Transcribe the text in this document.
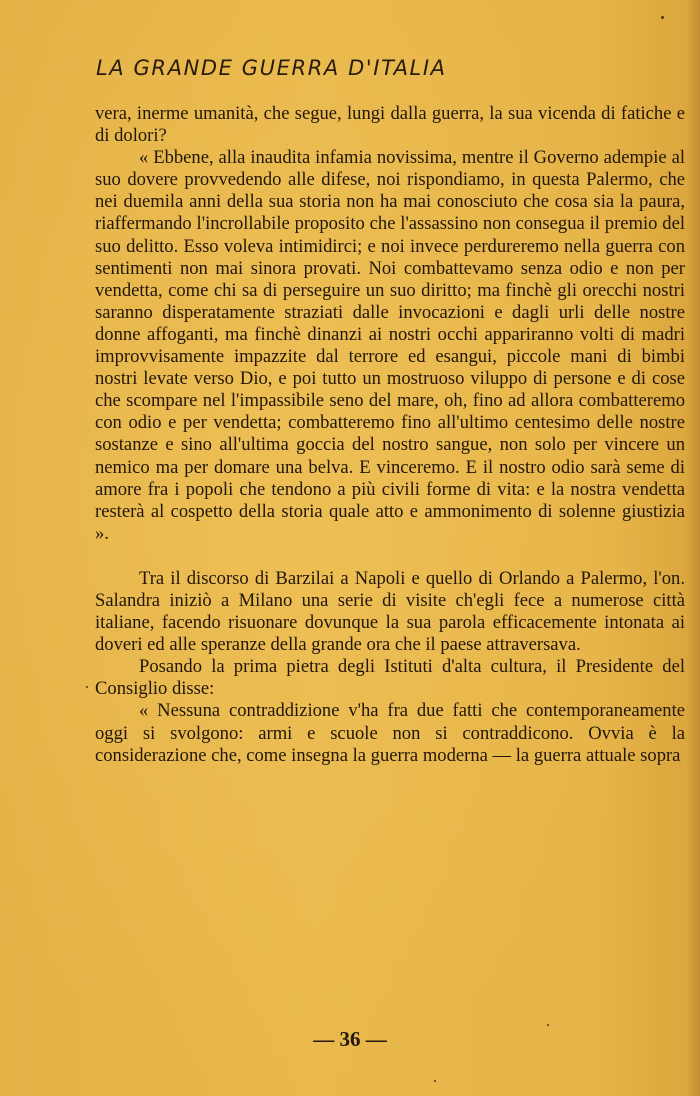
LA GRANDE GUERRA D'ITALIA

vera, inerme umanità, che segue, lungi dalla guerra, la sua vicenda di fatiche e di dolori?

« Ebbene, alla inaudita infamia novissima, mentre il Governo adempie al suo dovere provvedendo alle difese, noi rispondiamo, in questa Palermo, che nei duemila anni della sua storia non ha mai conosciuto che cosa sia la paura, riaffermando l'incrollabile proposito che l'assassino non consegua il premio del suo delitto. Esso voleva intimidirci; e noi invece perdureremo nella guerra con sentimenti non mai sinora provati. Noi combattevamo senza odio e non per vendetta, come chi sa di perseguire un suo diritto; ma finchè gli orecchi nostri saranno disperatamente straziati dalle invocazioni e dagli urli delle nostre donne affoganti, ma finchè dinanzi ai nostri occhi appariranno volti di madri improvvisamente impazzite dal terrore ed esangui, piccole mani di bimbi nostri levate verso Dio, e poi tutto un mostruoso viluppo di persone e di cose che scompare nel l'impassibile seno del mare, oh, fino ad allora combatteremo con odio e per vendetta; combatteremo fino all'ultimo centesimo delle nostre sostanze e sino all'ultima goccia del nostro sangue, non solo per vincere un nemico ma per domare una belva. E vinceremo. E il nostro odio sarà seme di amore fra i popoli che tendono a più civili forme di vita: e la nostra vendetta resterà al cospetto della storia quale atto e ammonimento di solenne giustizia ».

Tra il discorso di Barzilai a Napoli e quello di Orlando a Palermo, l'on. Salandra iniziò a Milano una serie di visite ch'egli fece a numerose città italiane, facendo risuonare dovunque la sua parola efficacemente intonata ai doveri ed alle speranze della grande ora che il paese attraversava.

Posando la prima pietra degli Istituti d'alta cultura, il Presidente del Consiglio disse:

« Nessuna contraddizione v'ha fra due fatti che contemporaneamente oggi si svolgono: armi e scuole non si contraddicono. Ovvia è la considerazione che, come insegna la guerra moderna — la guerra attuale sopra

— 36 —
